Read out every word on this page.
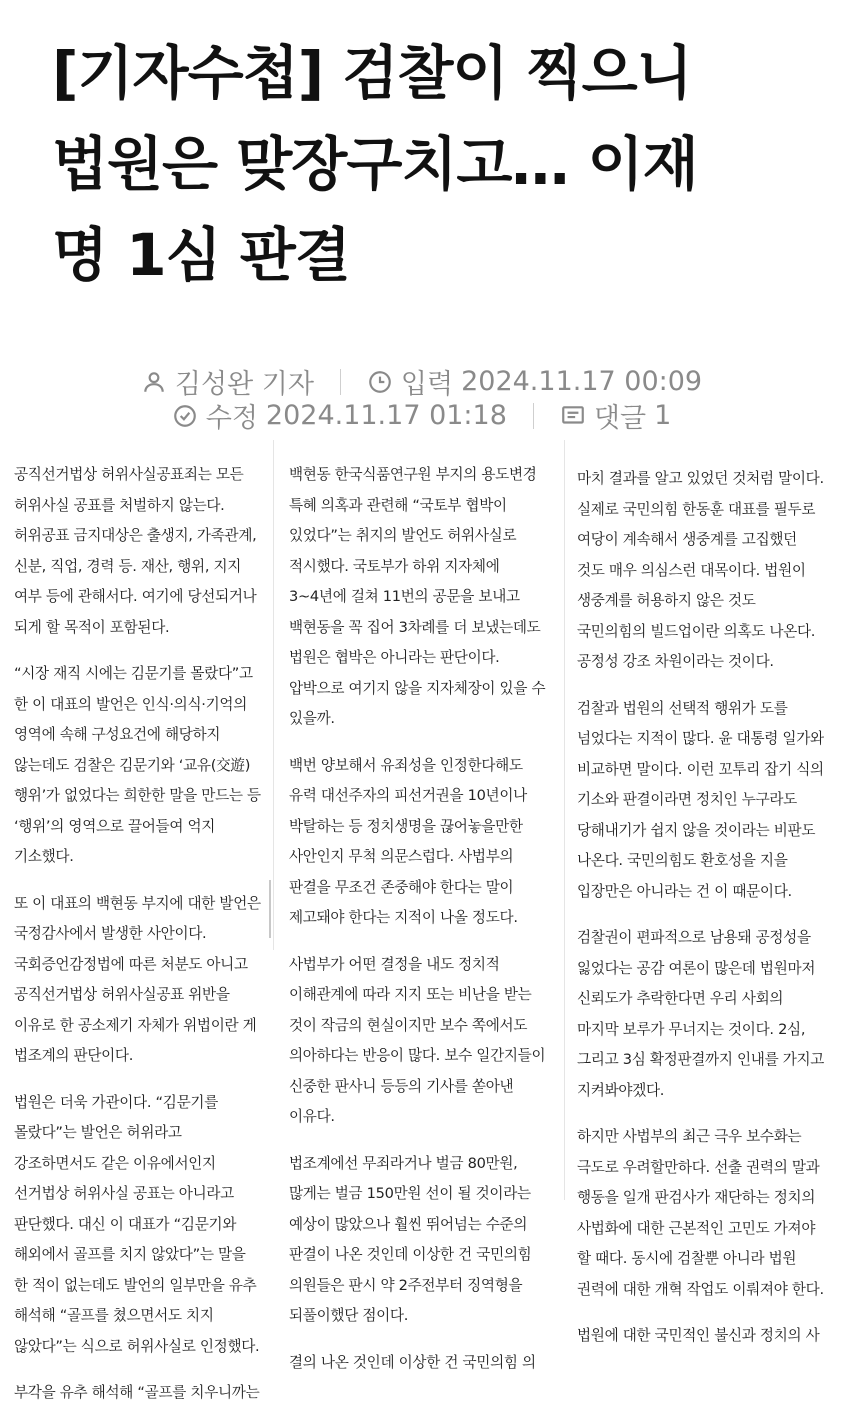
[기자수첩] 검찰이 찍으니
법원은 맞장구치고… 이재
명 1심 판결
김성완 기자	입력 2024.11.17 00:09
수정 2024.11.17 01:18	댓글 1

공직선거법상 허위사실공표죄는 모든 허위사실 공표를 처벌하지 않는다. 허위공표 금지대상은 출생지, 가족관계, 신분, 직업, 경력 등. 재산, 행위, 지지 여부 등에 관해서다. 여기에 당선되거나 되게 할 목적이 포함된다.

“시장 재직 시에는 김문기를 몰랐다”고 한 이 대표의 발언은 인식·의식·기억의 영역에 속해 구성요건에 해당하지 않는데도 검찰은 김문기와 ‘교유(交遊) 행위’가 없었다는 희한한 말을 만드는 등 ‘행위’의 영역으로 끌어들여 억지 기소했다.

또 이 대표의 백현동 부지에 대한 발언은 국정감사에서 발생한 사안이다. 국회증언감정법에 따른 처분도 아니고 공직선거법상 허위사실공표 위반을 이유로 한 공소제기 자체가 위법이란 게 법조계의 판단이다.

법원은 더욱 가관이다. “김문기를 몰랐다”는 발언은 허위라고 강조하면서도 같은 이유에서인지 선거법상 허위사실 공표는 아니라고 판단했다. 대신 이 대표가 “김문기와 해외에서 골프를 치지 않았다”는 말을 한 적이 없는데도 발언의 일부만을 유추 해석해 “골프를 쳤으면서도 치지 않았다”는 식으로 허위사실로 인정했다.

부각을 유추 해석해 “골프를 치우니까는

백현동 한국식품연구원 부지의 용도변경 특혜 의혹과 관련해 “국토부 협박이 있었다”는 취지의 발언도 허위사실로 적시했다. 국토부가 하위 지자체에 3~4년에 걸쳐 11번의 공문을 보내고 백현동을 꼭 집어 3차례를 더 보냈는데도 법원은 협박은 아니라는 판단이다. 압박으로 여기지 않을 지자체장이 있을 수 있을까.

백번 양보해서 유죄성을 인정한다해도 유력 대선주자의 피선거권을 10년이나 박탈하는 등 정치생명을 끊어놓을만한 사안인지 무척 의문스럽다. 사법부의 판결을 무조건 존중해야 한다는 말이 제고돼야 한다는 지적이 나올 정도다.

사법부가 어떤 결정을 내도 정치적 이해관계에 따라 지지 또는 비난을 받는 것이 작금의 현실이지만 보수 쪽에서도 의아하다는 반응이 많다. 보수 일간지들이 신중한 판사니 등등의 기사를 쏟아낸 이유다.

법조계에선 무죄라거나 벌금 80만원, 많게는 벌금 150만원 선이 될 것이라는 예상이 많았으나 훨씬 뛰어넘는 수준의 판결이 나온 것인데 이상한 건 국민의힘 의원들은 판시 약 2주전부터 징역형을 되풀이했단 점이다.

결의 나온 것인데 이상한 건 국민의힘 의

마치 결과를 알고 있었던 것처럼 말이다. 실제로 국민의힘 한동훈 대표를 필두로 여당이 계속해서 생중계를 고집했던 것도 매우 의심스런 대목이다. 법원이 생중계를 허용하지 않은 것도 국민의힘의 빌드업이란 의혹도 나온다. 공정성 강조 차원이라는 것이다.

검찰과 법원의 선택적 행위가 도를 넘었다는 지적이 많다. 윤 대통령 일가와 비교하면 말이다. 이런 꼬투리 잡기 식의 기소와 판결이라면 정치인 누구라도 당해내기가 쉽지 않을 것이라는 비판도 나온다. 국민의힘도 환호성을 지을 입장만은 아니라는 건 이 때문이다.

검찰권이 편파적으로 남용돼 공정성을 잃었다는 공감 여론이 많은데 법원마저 신뢰도가 추락한다면 우리 사회의 마지막 보루가 무너지는 것이다. 2심, 그리고 3심 확정판결까지 인내를 가지고 지켜봐야겠다.

하지만 사법부의 최근 극우 보수화는 극도로 우려할만하다. 선출 권력의 말과 행동을 일개 판검사가 재단하는 정치의 사법화에 대한 근본적인 고민도 가져야 할 때다. 동시에 검찰뿐 아니라 법원 권력에 대한 개혁 작업도 이뤄져야 한다.

법원에 대한 국민적인 불신과 정치의 사
